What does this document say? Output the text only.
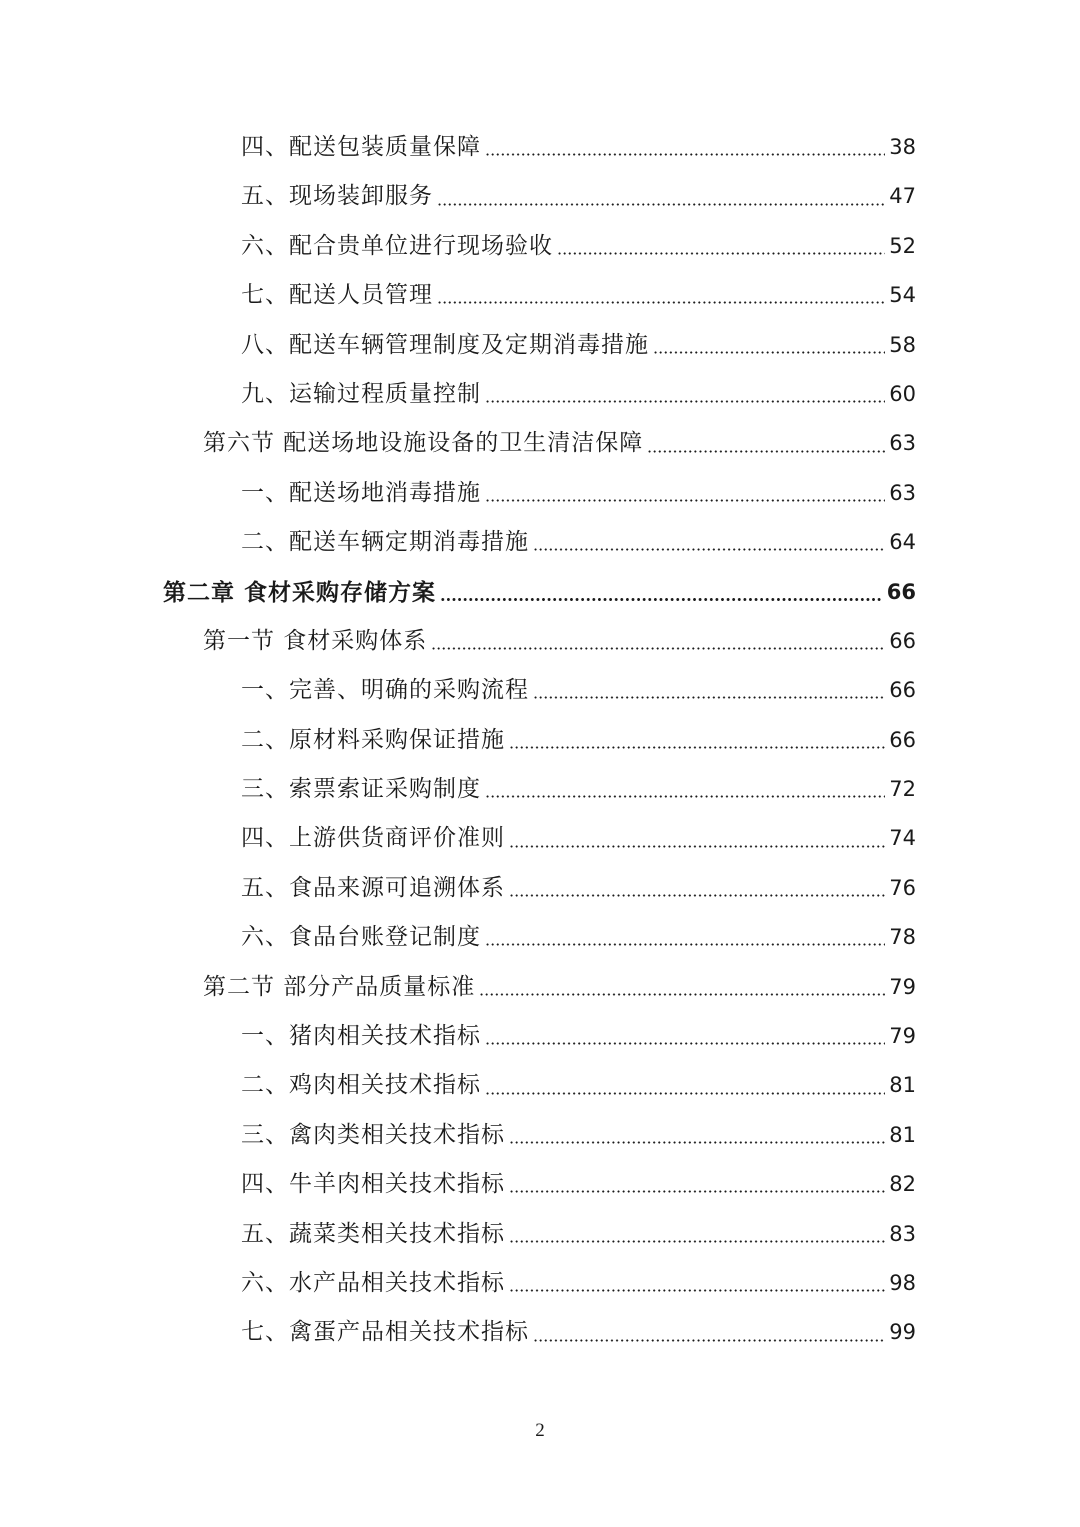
四、配送包装质量保障	38
五、现场装卸服务	47
六、配合贵单位进行现场验收	52
七、配送人员管理	54
八、配送车辆管理制度及定期消毒措施	58
九、运输过程质量控制	60
第六节 配送场地设施设备的卫生清洁保障	63
一、配送场地消毒措施	63
二、配送车辆定期消毒措施	64
第二章 食材采购存储方案	66
第一节 食材采购体系	66
一、完善、明确的采购流程	66
二、原材料采购保证措施	66
三、索票索证采购制度	72
四、上游供货商评价准则	74
五、食品来源可追溯体系	76
六、食品台账登记制度	78
第二节 部分产品质量标准	79
一、猪肉相关技术指标	79
二、鸡肉相关技术指标	81
三、禽肉类相关技术指标	81
四、牛羊肉相关技术指标	82
五、蔬菜类相关技术指标	83
六、水产品相关技术指标	98
七、禽蛋产品相关技术指标	99
2
